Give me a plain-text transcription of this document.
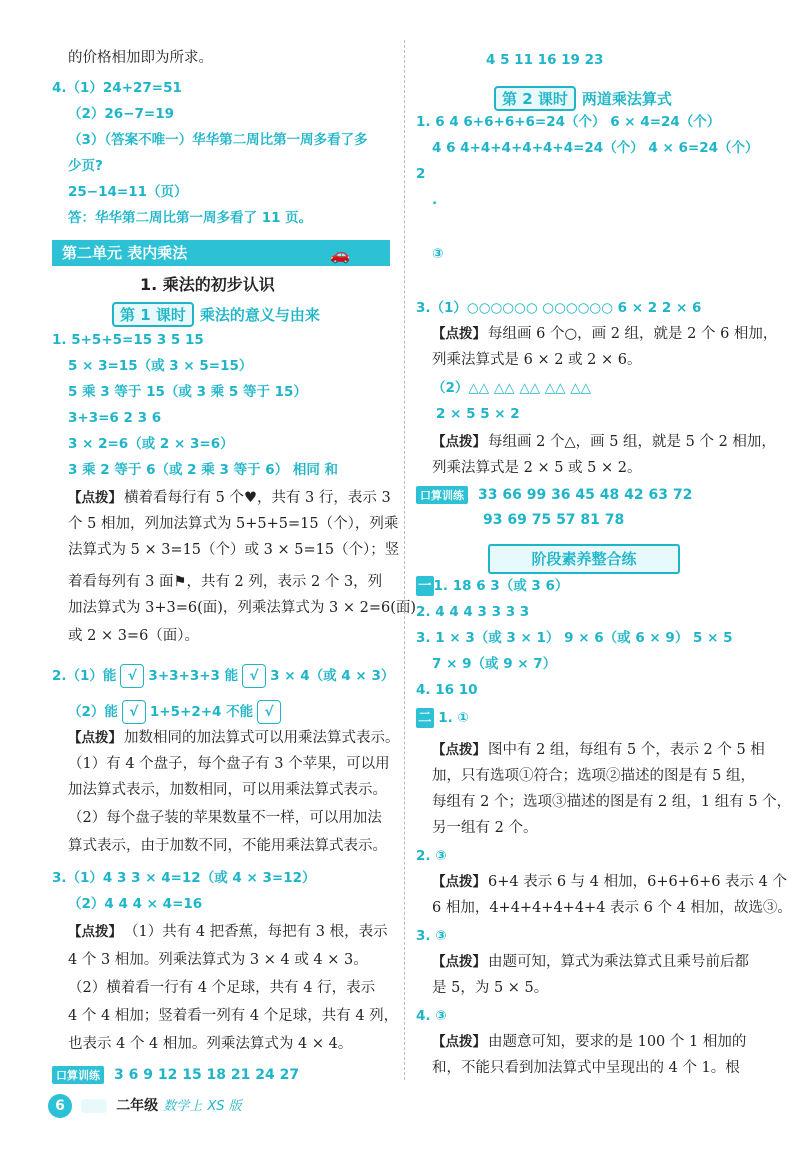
的价格相加即为所求。
4.（1）24+27=51
（2）26−7=19
（3）（答案不唯一）华华第二周比第一周多看了多
少页?
25−14=11（页）
答：华华第二周比第一周多看了 11 页。
第二单元 表内乘法	🚗
1. 乘法的初步认识
第 1 课时 乘法的意义与由来
1. 5+5+5=15 3 5 15
5 × 3=15（或 3 × 5=15）
5 乘 3 等于 15（或 3 乘 5 等于 15）
3+3=6 2 3 6
3 × 2=6（或 2 × 3=6）
3 乘 2 等于 6（或 2 乘 3 等于 6） 相同 和
【点拨】 横着看每行有 5 个♥，共有 3 行，表示 3
个 5 相加，列加法算式为 5+5+5=15（个），列乘
法算式为 5 × 3=15（个）或 3 × 5=15（个）；竖
着看每列有 3 面⚑，共有 2 列，表示 2 个 3，列
加法算式为 3+3=6(面)，列乘法算式为 3 × 2=6(面)
或 2 × 3=6（面）。
2.（1）能 √ 3+3+3+3 能 √ 3 × 4（或 4 × 3）
（2）能 √ 1+5+2+4 不能 √
【点拨】 加数相同的加法算式可以用乘法算式表示。
（1）有 4 个盘子，每个盘子有 3 个苹果，可以用
加法算式表示，加数相同，可以用乘法算式表示。
（2）每个盘子装的苹果数量不一样，可以用加法
算式表示，由于加数不同，不能用乘法算式表示。
3.（1）4 3 3 × 4=12（或 4 × 3=12）
（2）4 4 4 × 4=16
【点拨】 （1）共有 4 把香蕉，每把有 3 根，表示
4 个 3 相加。列乘法算式为 3 × 4 或 4 × 3。
（2）横着看一行有 4 个足球，共有 4 行，表示
4 个 4 相加；竖着看一列有 4 个足球，共有 4 列，
也表示 4 个 4 相加。列乘法算式为 4 × 4。
口算训练 3 6 9 12 15 18 21 24 27
4 5 11 16 19 23
第 2 课时 两道乘法算式
1. 6 4 6+6+6+6=24（个） 6 × 4=24（个）
4 6 4+4+4+4+4+4=24（个） 4 × 6=24（个）
2
.
③
3.（1）○○○○○○ ○○○○○○ 6 × 2 2 × 6
【点拨】 每组画 6 个○，画 2 组，就是 2 个 6 相加，
列乘法算式是 6 × 2 或 2 × 6。
（2）△△ △△ △△ △△ △△
2 × 5 5 × 2
【点拨】 每组画 2 个△，画 5 组，就是 5 个 2 相加，
列乘法算式是 2 × 5 或 5 × 2。
口算训练 33 66 99 36 45 48 42 63 72
93 69 75 57 81 78
阶段素养整合练
一 1. 18 6 3（或 3 6）
2. 4 4 4 3 3 3 3
3. 1 × 3（或 3 × 1） 9 × 6（或 6 × 9） 5 × 5
7 × 9（或 9 × 7）
4. 16 10
二 1. ①
【点拨】 图中有 2 组，每组有 5 个，表示 2 个 5 相
加，只有选项①符合；选项②描述的图是有 5 组，
每组有 2 个；选项③描述的图是有 2 组，1 组有 5 个，
另一组有 2 个。
2. ③
【点拨】 6+4 表示 6 与 4 相加，6+6+6+6 表示 4 个
6 相加，4+4+4+4+4+4 表示 6 个 4 相加，故选③。
3. ③
【点拨】 由题可知，算式为乘法算式且乘号前后都
是 5，为 5 × 5。
4. ③
【点拨】 由题意可知，要求的是 100 个 1 相加的
和，不能只看到加法算式中呈现出的 4 个 1。根
6	二年级 数学上 XS 版
